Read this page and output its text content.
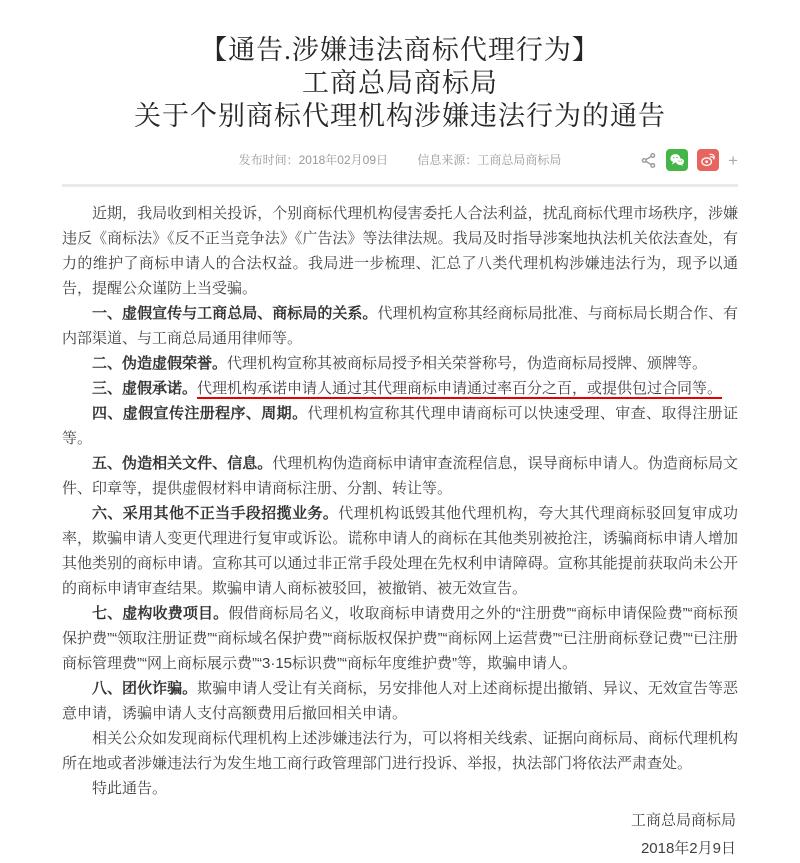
【通告.涉嫌违法商标代理行为】
工商总局商标局
关于个别商标代理机构涉嫌违法行为的通告
发布时间：2018年02月09日 信息来源：工商总局商标局	+

近期，我局收到相关投诉，个别商标代理机构侵害委托人合法利益，扰乱商标代理市场秩序，涉嫌违反《商标法》《反不正当竞争法》《广告法》等法律法规。我局及时指导涉案地执法机关依法查处，有力的维护了商标申请人的合法权益。我局进一步梳理、汇总了八类代理机构涉嫌违法行为，现予以通告，提醒公众谨防上当受骗。

一、虚假宣传与工商总局、商标局的关系。代理机构宣称其经商标局批准、与商标局长期合作、有内部渠道、与工商总局通用律师等。

二、伪造虚假荣誉。代理机构宣称其被商标局授予相关荣誉称号，伪造商标局授牌、颁牌等。

三、虚假承诺。代理机构承诺申请人通过其代理商标申请通过率百分之百，或提供包过合同等。

四、虚假宣传注册程序、周期。代理机构宣称其代理申请商标可以快速受理、审查、取得注册证等。

五、伪造相关文件、信息。代理机构伪造商标申请审查流程信息，误导商标申请人。伪造商标局文件、印章等，提供虚假材料申请商标注册、分割、转让等。

六、采用其他不正当手段招揽业务。代理机构诋毁其他代理机构，夸大其代理商标驳回复审成功率，欺骗申请人变更代理进行复审或诉讼。谎称申请人的商标在其他类别被抢注，诱骗商标申请人增加其他类别的商标申请。宣称其可以通过非正常手段处理在先权利申请障碍。宣称其能提前获取尚未公开的商标申请审查结果。欺骗申请人商标被驳回，被撤销、被无效宣告。

七、虚构收费项目。假借商标局名义，收取商标申请费用之外的“注册费”“商标申请保险费”“商标预保护费”“领取注册证费”“商标域名保护费”“商标版权保护费”“商标网上运营费”“已注册商标登记费”“已注册商标管理费”“网上商标展示费”“3·15标识费”“商标年度维护费”等，欺骗申请人。

八、团伙诈骗。欺骗申请人受让有关商标，另安排他人对上述商标提出撤销、异议、无效宣告等恶意申请，诱骗申请人支付高额费用后撤回相关申请。

相关公众如发现商标代理机构上述涉嫌违法行为，可以将相关线索、证据向商标局、商标代理机构所在地或者涉嫌违法行为发生地工商行政管理部门进行投诉、举报，执法部门将依法严肃查处。

特此通告。

工商总局商标局
2018年2月9日
